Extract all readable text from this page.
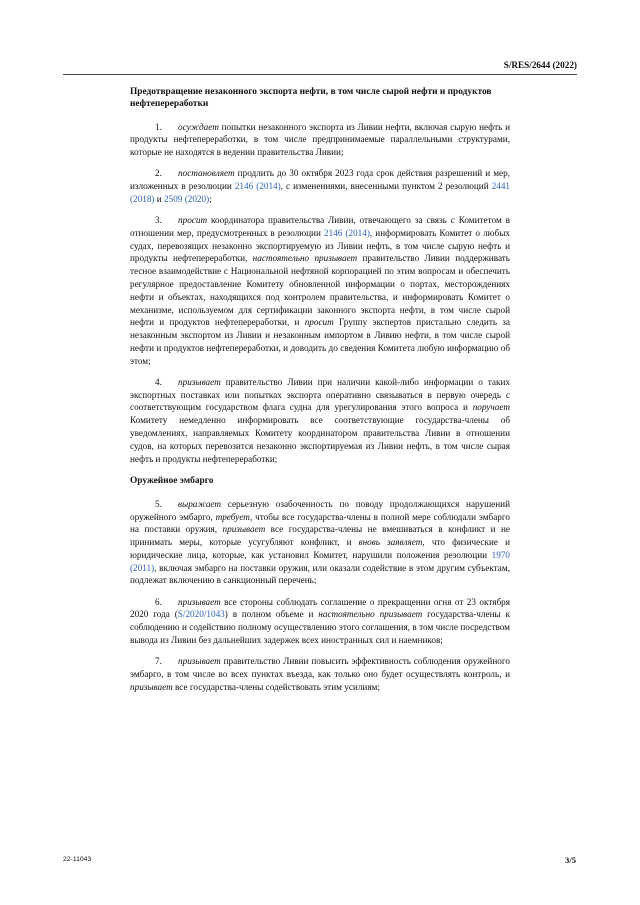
S/RES/2644 (2022)
Предотвращение незаконного экспорта нефти, в том числе сырой нефти и продуктов нефтепереработки

1. осуждает попытки незаконного экспорта из Ливии нефти, включая сырую нефть и продукты нефтепереработки, в том числе предпринимаемые параллельными структурами, которые не находятся в ведении правительства Ливии;

2. постановляет продлить до 30 октября 2023 года срок действия разрешений и мер, изложенных в резолюции 2146 (2014), с изменениями, внесенными пунктом 2 резолюций 2441 (2018) и 2509 (2020);

3. просит координатора правительства Ливии, отвечающего за связь с Комитетом в отношении мер, предусмотренных в резолюции 2146 (2014), информировать Комитет о любых судах, перевозящих незаконно экспортируемую из Ливии нефть, в том числе сырую нефть и продукты нефтепереработки, настоятельно призывает правительство Ливии поддерживать тесное взаимодействие с Национальной нефтяной корпорацией по этим вопросам и обеспечить регулярное предоставление Комитету обновленной информации о портах, месторождениях нефти и объектах, находящихся под контролем правительства, и информировать Комитет о механизме, используемом для сертификации законного экспорта нефти, в том числе сырой нефти и продуктов нефтепереработки, и просит Группу экспертов пристально следить за незаконным экспортом из Ливии и незаконным импортом в Ливию нефти, в том числе сырой нефти и продуктов нефтепереработки, и доводить до сведения Комитета любую информацию об этом;

4. призывает правительство Ливии при наличии какой-либо информации о таких экспортных поставках или попытках экспорта оперативно связываться в первую очередь с соответствующим государством флага судна для урегулирования этого вопроса и поручает Комитету немедленно информировать все соответствующие государства-члены об уведомлениях, направляемых Комитету координатором правительства Ливии в отношении судов, на которых перевозится незаконно экспортируемая из Ливии нефть, в том числе сырая нефть и продукты нефтепереработки;

Оружейное эмбарго

5. выражает серьезную озабоченность по поводу продолжающихся нарушений оружейного эмбарго, требует, чтобы все государства-члены в полной мере соблюдали эмбарго на поставки оружия, призывает все государства-члены не вмешиваться в конфликт и не принимать меры, которые усугубляют конфликт, и вновь заявляет, что физические и юридические лица, которые, как установил Комитет, нарушили положения резолюции 1970 (2011), включая эмбарго на поставки оружия, или оказали содействие в этом другим субъектам, подлежат включению в санкционный перечень;

6. призывает все стороны соблюдать соглашение о прекращении огня от 23 октября 2020 года (S/2020/1043) в полном объеме и настоятельно призывает государства-члены к соблюдению и содействию полному осуществлению этого соглашения, в том числе посредством вывода из Ливии без дальнейших задержек всех иностранных сил и наемников;

7. призывает правительство Ливии повысить эффективность соблюдения оружейного эмбарго, в том числе во всех пунктах въезда, как только оно будет осуществлять контроль, и призывает все государства-члены содействовать этим усилиям;

22-11043	3/5
